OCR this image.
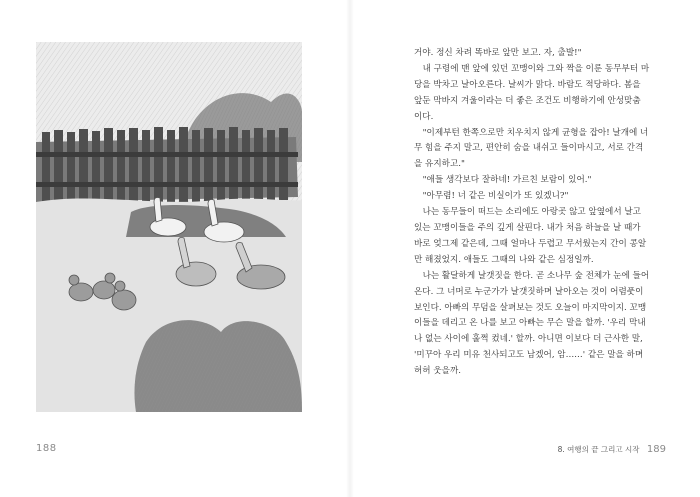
188
거야. 정신 차려 똑바로 앞만 보고. 자, 출발!"
내 구령에 맨 앞에 있던 꼬맹이와 그와 짝을 이룬 동무부터 마
당을 박차고 날아오른다. 날씨가 맑다. 바람도 적당하다. 봄을
앞둔 막바지 겨울이라는 더 좋은 조건도 비행하기에 안성맞춤
이다.
"이제부턴 한쪽으로만 치우치지 않게 균형을 잡아! 날개에 너
무 힘을 주지 말고, 편안히 숨을 내쉬고 들이마시고, 서로 간격
을 유지하고."
"애들 생각보다 잘하네! 가르친 보람이 있어."
"아무렴! 너 같은 비실이가 또 있겠니?"
나는 동무들이 떠드는 소리에도 아랑곳 않고 앞옆에서 날고
있는 꼬맹이들을 주의 깊게 살핀다. 내가 처음 하늘을 날 때가
바로 엊그제 같은데, 그때 얼마나 두렵고 무서웠는지 간이 콩알
만 해졌었지. 애들도 그때의 나와 같은 심정일까.
나는 활달하게 날갯짓을 한다. 곧 소나무 숲 전체가 눈에 들어
온다. 그 너머로 누군가가 날갯짓하며 날아오는 것이 어렴풋이
보인다. 아빠의 무덤을 살펴보는 것도 오늘이 마지막이지. 꼬맹
이들을 데리고 온 나를 보고 아빠는 무슨 말을 할까. '우리 막내
나 없는 사이에 훌쩍 컸네.' 할까. 아니면 이보다 더 근사한 말,
'미꾸아 우리 미유 천사되고도 남겠어, 암……' 같은 말을 하며
허허 웃을까.
8. 여행의 끝 그리고 시작 189
